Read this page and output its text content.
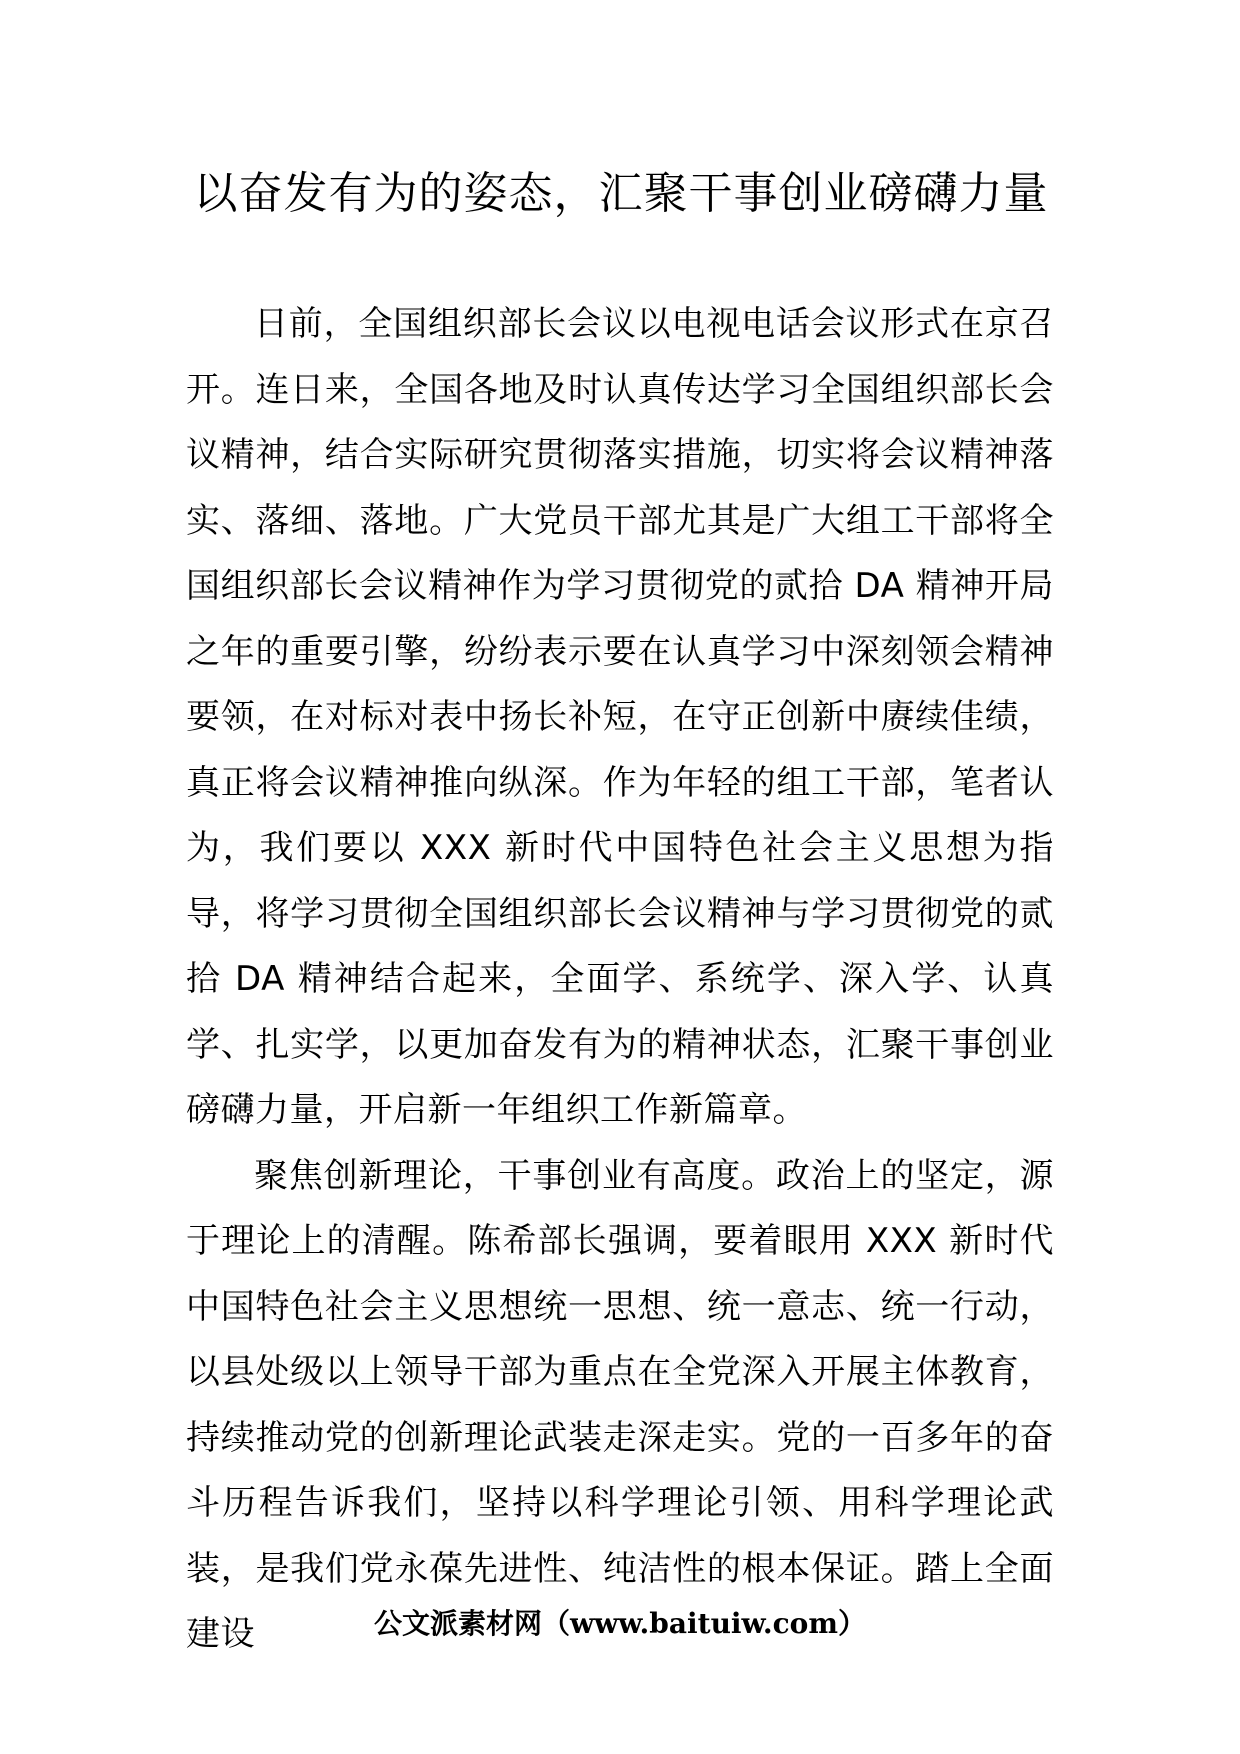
以奋发有为的姿态，汇聚干事创业磅礴力量

日前，全国组织部长会议以电视电话会议形式在京召开。连日来，全国各地及时认真传达学习全国组织部长会议精神，结合实际研究贯彻落实措施，切实将会议精神落实、落细、落地。广大党员干部尤其是广大组工干部将全国组织部长会议精神作为学习贯彻党的贰拾 DA 精神开局之年的重要引擎，纷纷表示要在认真学习中深刻领会精神要领，在对标对表中扬长补短，在守正创新中赓续佳绩，真正将会议精神推向纵深。作为年轻的组工干部，笔者认为，我们要以 XXX 新时代中国特色社会主义思想为指导，将学习贯彻全国组织部长会议精神与学习贯彻党的贰拾 DA 精神结合起来，全面学、系统学、深入学、认真学、扎实学，以更加奋发有为的精神状态，汇聚干事创业磅礴力量，开启新一年组织工作新篇章。

聚焦创新理论，干事创业有高度。政治上的坚定，源于理论上的清醒。陈希部长强调，要着眼用 XXX 新时代中国特色社会主义思想统一思想、统一意志、统一行动，以县处级以上领导干部为重点在全党深入开展主体教育，持续推动党的创新理论武装走深走实。党的一百多年的奋斗历程告诉我们，坚持以科学理论引领、用科学理论武装，是我们党永葆先进性、纯洁性的根本保证。踏上全面建设	公文派素材网（www.baituiw.com）
